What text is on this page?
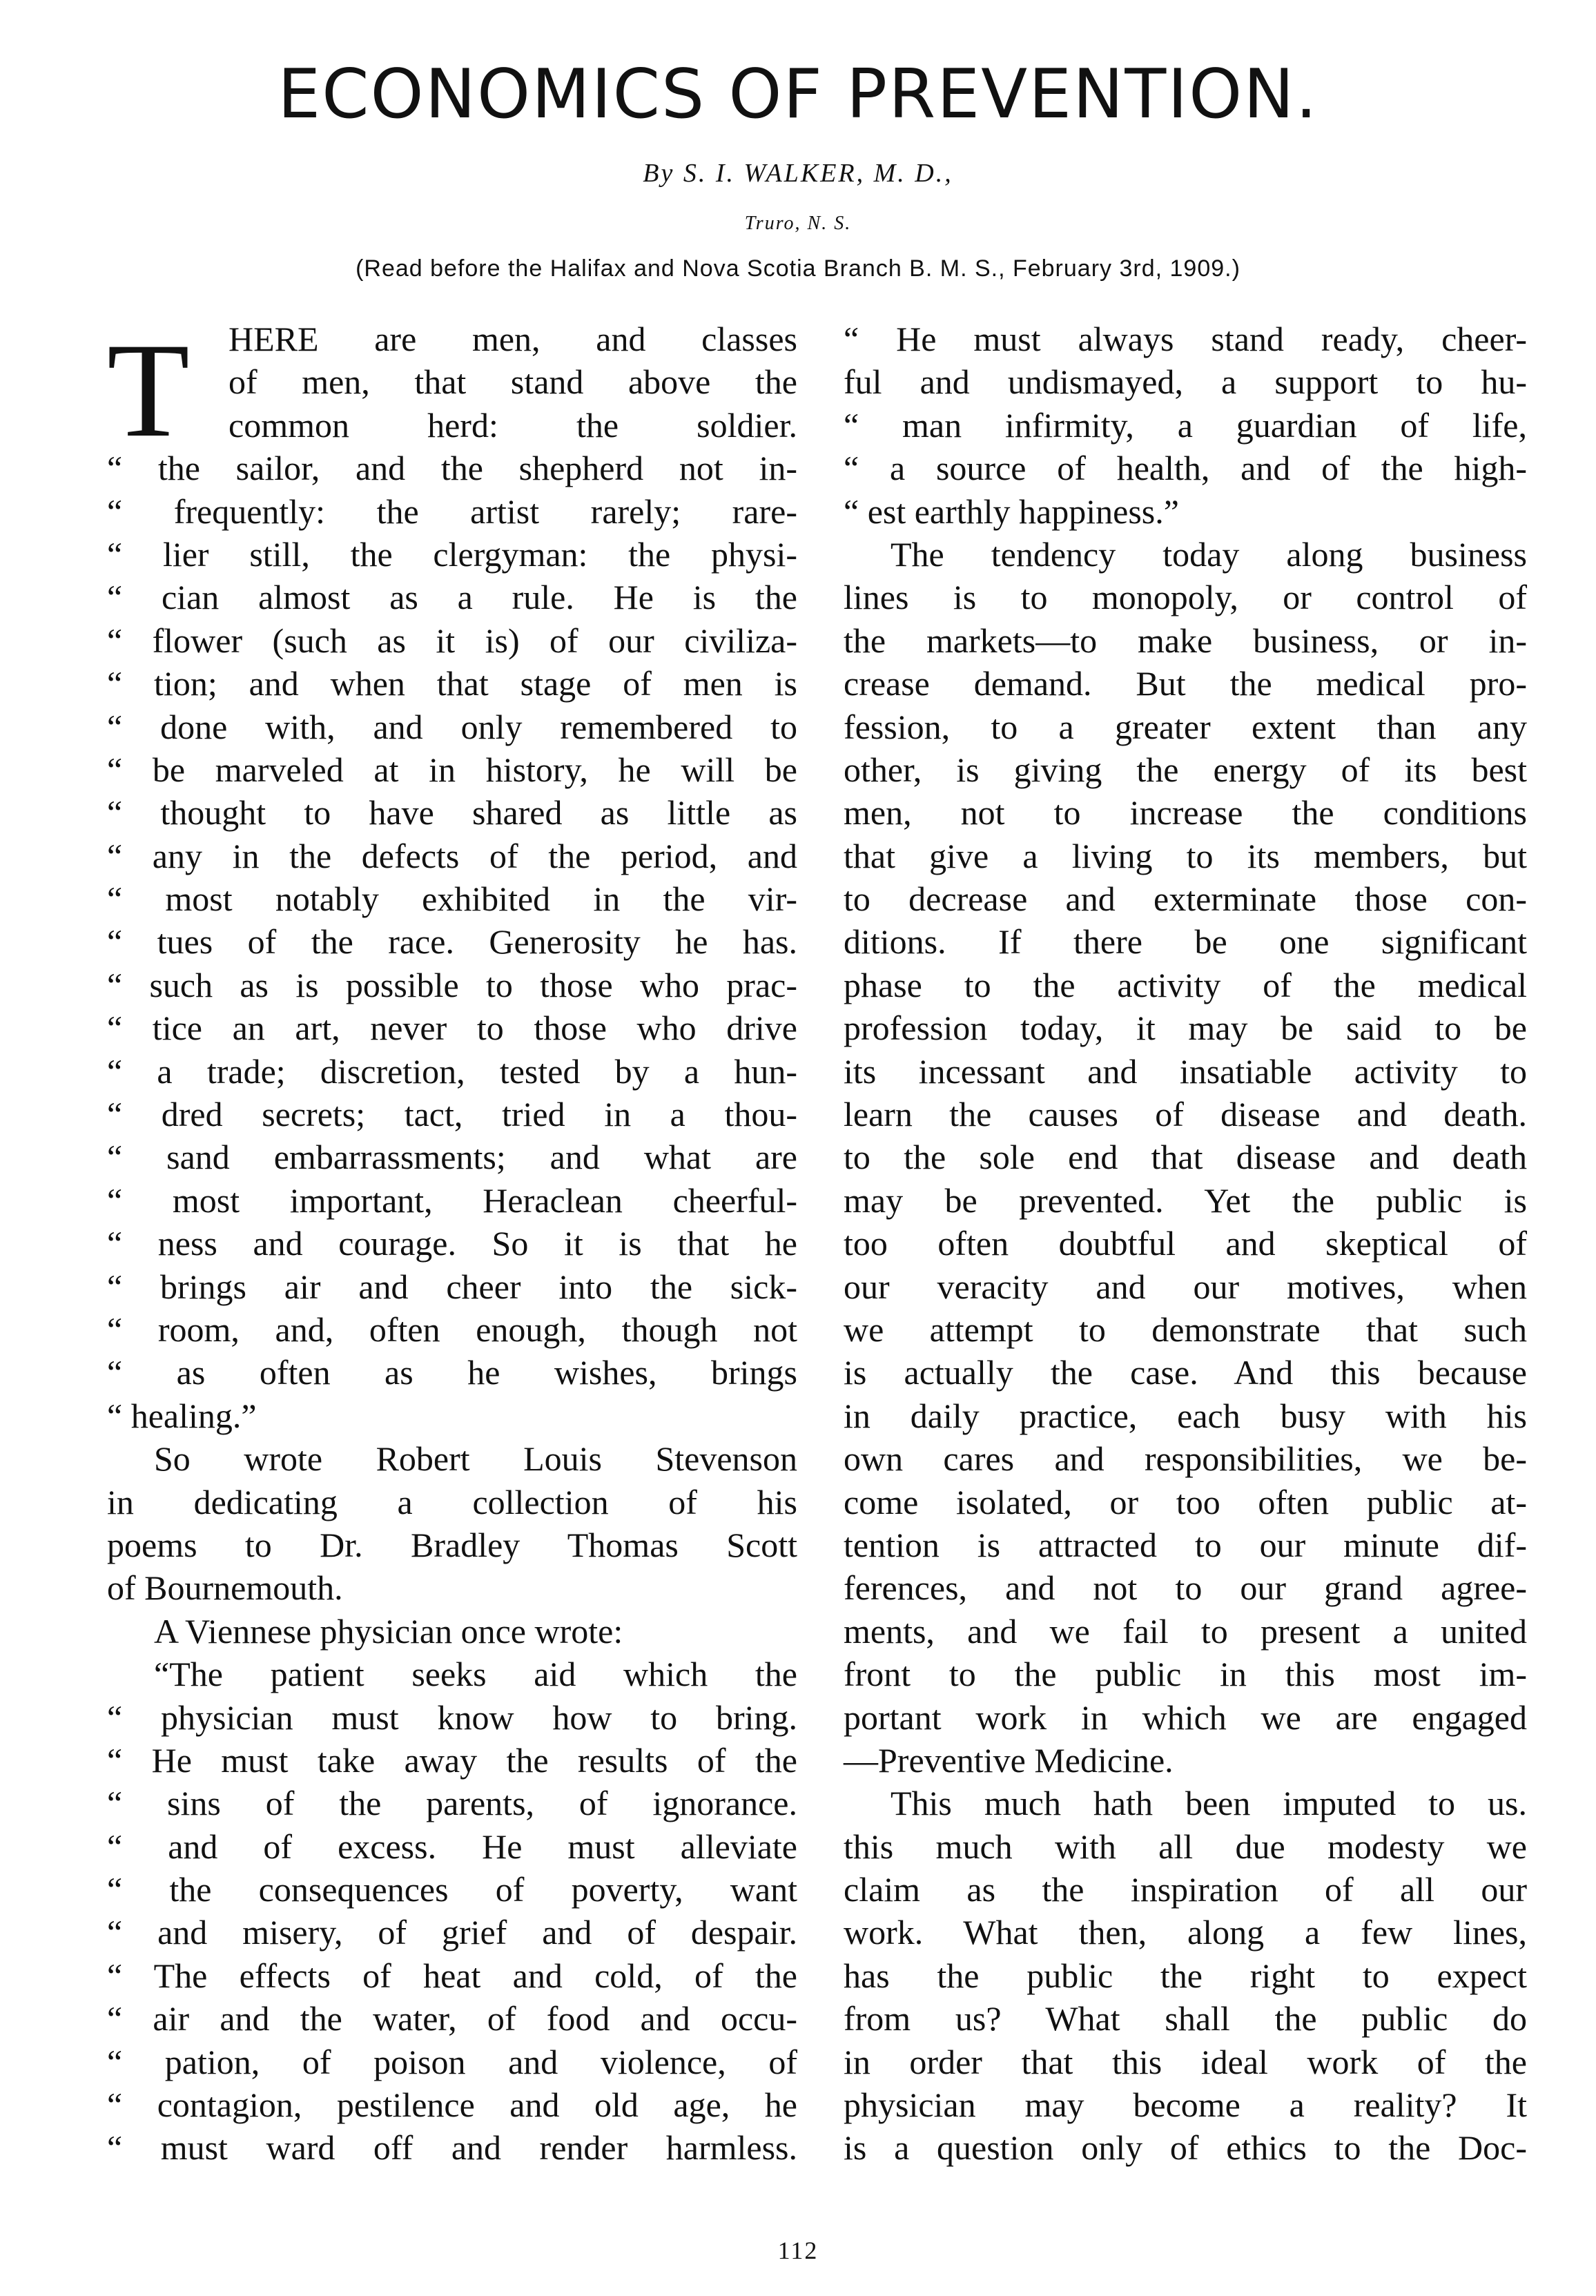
ECONOMICS OF PREVENTION.
By S. I. WALKER, M. D.,
Truro, N. S.
(Read before the Halifax and Nova Scotia Branch B. M. S., February 3rd, 1909.)
T	HERE are men, and classes
of men, that stand above the
common herd: the soldier.
“ the sailor, and the shepherd not in-
“ frequently: the artist rarely; rare-
“ lier still, the clergyman: the physi-
“ cian almost as a rule. He is the
“ flower (such as it is) of our civiliza-
“ tion; and when that stage of men is
“ done with, and only remembered to
“ be marveled at in history, he will be
“ thought to have shared as little as
“ any in the defects of the period, and
“ most notably exhibited in the vir-
“ tues of the race. Generosity he has.
“ such as is possible to those who prac-
“ tice an art, never to those who drive
“ a trade; discretion, tested by a hun-
“ dred secrets; tact, tried in a thou-
“ sand embarrassments; and what are
“ most important, Heraclean cheerful-
“ ness and courage. So it is that he
“ brings air and cheer into the sick-
“ room, and, often enough, though not
“ as often as he wishes, brings
“ healing.”
So wrote Robert Louis Stevenson
in dedicating a collection of his
poems to Dr. Bradley Thomas Scott
of Bournemouth.
A Viennese physician once wrote:
“The patient seeks aid which the
“ physician must know how to bring.
“ He must take away the results of the
“ sins of the parents, of ignorance.
“ and of excess. He must alleviate
“ the consequences of poverty, want
“ and misery, of grief and of despair.
“ The effects of heat and cold, of the
“ air and the water, of food and occu-
“ pation, of poison and violence, of
“ contagion, pestilence and old age, he
“ must ward off and render harmless.
“ He must always stand ready, cheer-
ful and undismayed, a support to hu-
“ man infirmity, a guardian of life,
“ a source of health, and of the high-
“ est earthly happiness.”
The tendency today along business
lines is to monopoly, or control of
the markets—to make business, or in-
crease demand. But the medical pro-
fession, to a greater extent than any
other, is giving the energy of its best
men, not to increase the conditions
that give a living to its members, but
to decrease and exterminate those con-
ditions. If there be one significant
phase to the activity of the medical
profession today, it may be said to be
its incessant and insatiable activity to
learn the causes of disease and death.
to the sole end that disease and death
may be prevented. Yet the public is
too often doubtful and skeptical of
our veracity and our motives, when
we attempt to demonstrate that such
is actually the case. And this because
in daily practice, each busy with his
own cares and responsibilities, we be-
come isolated, or too often public at-
tention is attracted to our minute dif-
ferences, and not to our grand agree-
ments, and we fail to present a united
front to the public in this most im-
portant work in which we are engaged
—Preventive Medicine.
This much hath been imputed to us.
this much with all due modesty we
claim as the inspiration of all our
work. What then, along a few lines,
has the public the right to expect
from us? What shall the public do
in order that this ideal work of the
physician may become a reality? It
is a question only of ethics to the Doc-
112
